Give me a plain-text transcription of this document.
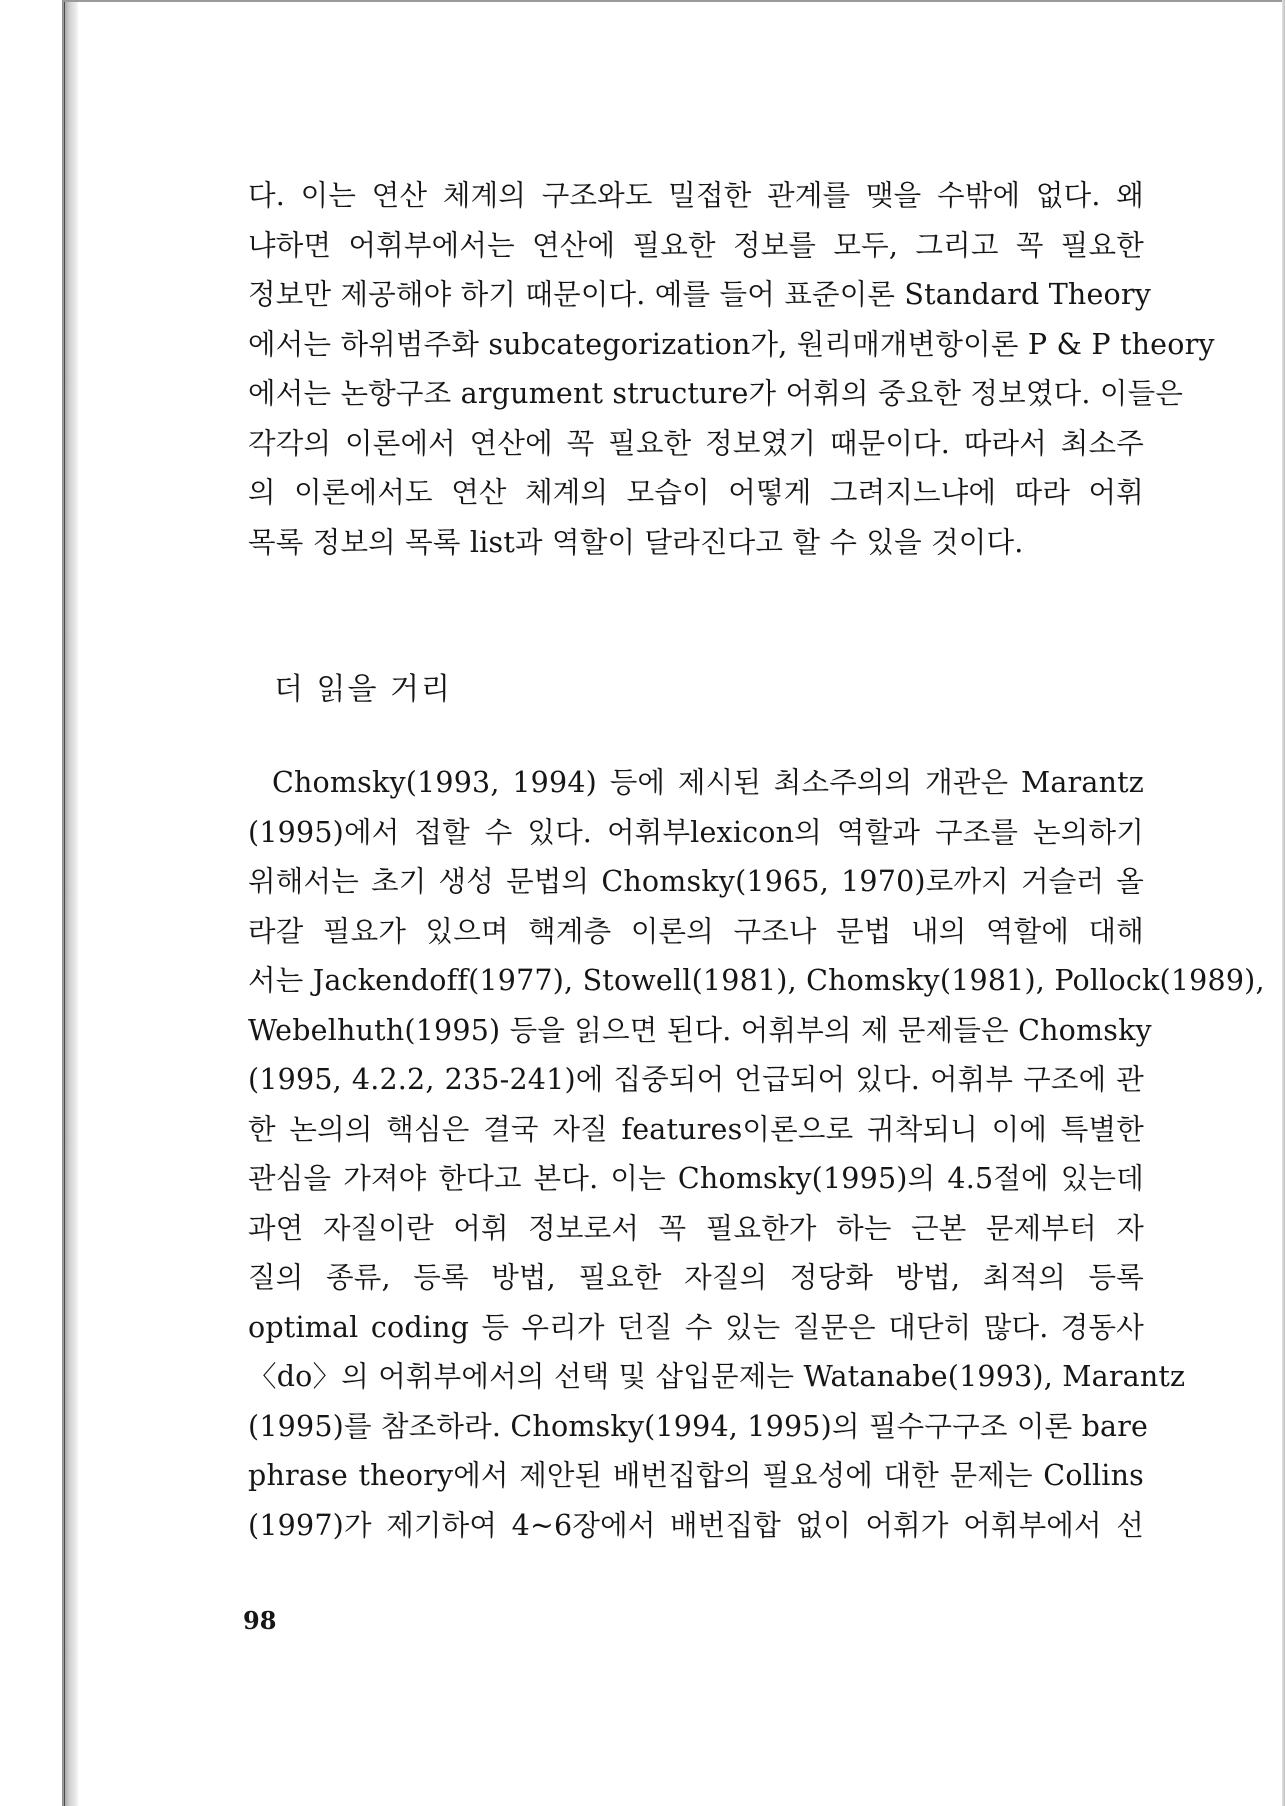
다. 이는 연산 체계의 구조와도 밀접한 관계를 맺을 수밖에 없다. 왜
냐하면 어휘부에서는 연산에 필요한 정보를 모두, 그리고 꼭 필요한
정보만 제공해야 하기 때문이다. 예를 들어 표준이론 Standard Theory
에서는 하위범주화 subcategorization가, 원리매개변항이론 P & P theory
에서는 논항구조 argument structure가 어휘의 중요한 정보였다. 이들은
각각의 이론에서 연산에 꼭 필요한 정보였기 때문이다. 따라서 최소주
의 이론에서도 연산 체계의 모습이 어떻게 그려지느냐에 따라 어휘
목록 정보의 목록 list과 역할이 달라진다고 할 수 있을 것이다.
더 읽을 거리
Chomsky(1993, 1994) 등에 제시된 최소주의의 개관은 Marantz
(1995)에서 접할 수 있다. 어휘부lexicon의 역할과 구조를 논의하기
위해서는 초기 생성 문법의 Chomsky(1965, 1970)로까지 거슬러 올
라갈 필요가 있으며 핵계층 이론의 구조나 문법 내의 역할에 대해
서는 Jackendoff(1977), Stowell(1981), Chomsky(1981), Pollock(1989),
Webelhuth(1995) 등을 읽으면 된다. 어휘부의 제 문제들은 Chomsky
(1995, 4.2.2, 235-241)에 집중되어 언급되어 있다. 어휘부 구조에 관
한 논의의 핵심은 결국 자질 features이론으로 귀착되니 이에 특별한
관심을 가져야 한다고 본다. 이는 Chomsky(1995)의 4.5절에 있는데
과연 자질이란 어휘 정보로서 꼭 필요한가 하는 근본 문제부터 자
질의 종류, 등록 방법, 필요한 자질의 정당화 방법, 최적의 등록
optimal coding 등 우리가 던질 수 있는 질문은 대단히 많다. 경동사
〈do〉의 어휘부에서의 선택 및 삽입문제는 Watanabe(1993), Marantz
(1995)를 참조하라. Chomsky(1994, 1995)의 필수구구조 이론 bare
phrase theory에서 제안된 배번집합의 필요성에 대한 문제는 Collins
(1997)가 제기하여 4~6장에서 배번집합 없이 어휘가 어휘부에서 선
98
